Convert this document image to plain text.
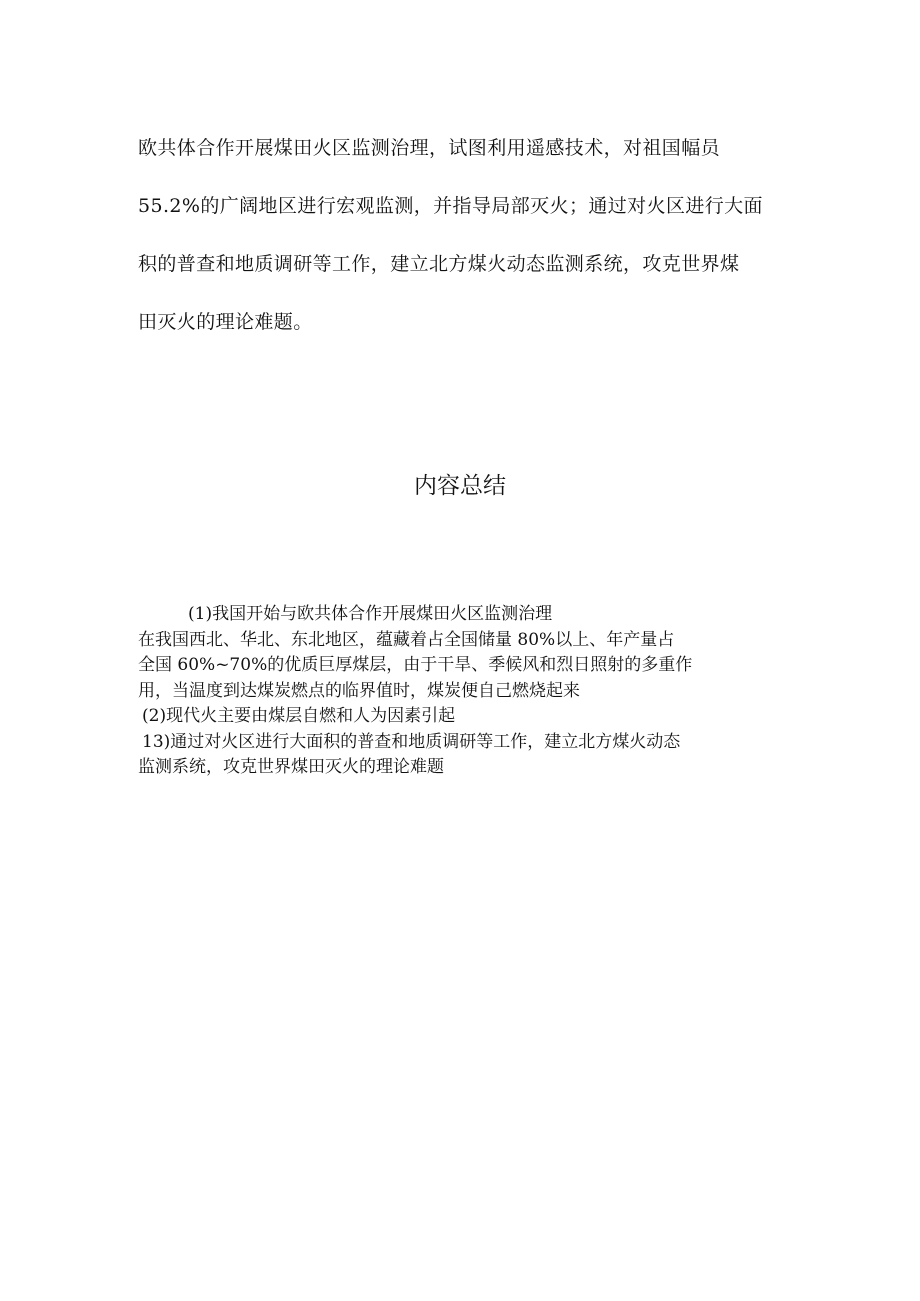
欧共体合作开展煤田火区监测治理，试图利用遥感技术，对祖国幅员
55.2%的广阔地区进行宏观监测，并指导局部灭火；通过对火区进行大面
积的普查和地质调研等工作，建立北方煤火动态监测系统，攻克世界煤
田灭火的理论难题。
内容总结
(1)我国开始与欧共体合作开展煤田火区监测治理
在我国西北、华北、东北地区，蕴藏着占全国储量 80%以上、年产量占
全国 60%~70%的优质巨厚煤层，由于干旱、季候风和烈日照射的多重作
用，当温度到达煤炭燃点的临界值时，煤炭便自己燃烧起来
(2)现代火主要由煤层自燃和人为因素引起
13)通过对火区进行大面积的普查和地质调研等工作，建立北方煤火动态
监测系统，攻克世界煤田灭火的理论难题
